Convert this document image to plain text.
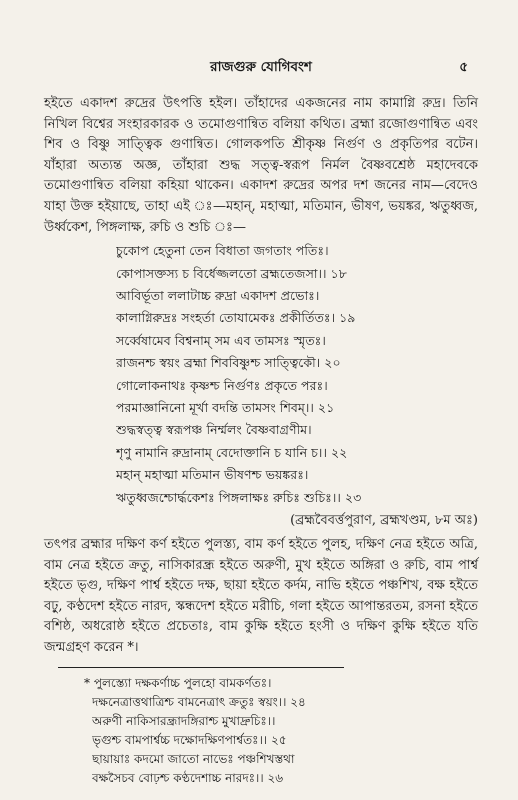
রাজগুরু যোগিবংশ	৫

হইতে একাদশ রুদ্রের উৎপত্তি হইল। তাঁহাদের একজনের নাম কামাগ্নি রুদ্র। তিনি নিখিল বিশ্বের সংহারকারক ও তমোগুণান্বিত বলিয়া কথিত। ব্রহ্মা রজোগুণান্বিত এবং শিব ও বিষ্ণু সাত্ত্বিক গুণান্বিত। গোলকপতি শ্রীকৃষ্ণ নির্গুণ ও প্রকৃতিপর বটেন। যাঁহারা অত্যন্ত অজ্ঞ, তাঁহারা শুদ্ধ সত্ত্ব-স্বরূপ নির্মল বৈষ্ণবশ্রেষ্ঠ মহাদেবকে তমোগুণান্বিত বলিয়া কহিয়া থাকেন। একাদশ রুদ্রের অপর দশ জনের নাম—বেদেও যাহা উক্ত হইয়াছে, তাহা এই ঃ—মহান্, মহাত্মা, মতিমান, ভীষণ, ভয়ঙ্কর, ঋতুধ্বজ, উর্ধ্বকেশ, পিঙ্গলাক্ষ, রুচি ও শুচি ঃ—

চুকোপ হেতুনা তেন বিধাতা জগতাং পতিঃ।
কোপাসক্তস্য চ বির্ধেজ্জলতো ব্রহ্মতেজসা।। ১৮
আবির্ভূতা ললাটাচ্চ রুদ্রা একাদশ প্রভোঃ।
কালাগ্নিরুদ্রঃ সংহর্তা তোযামেকঃ প্রকীর্তিতঃ। ১৯
সর্ব্বেষামেব বিশ্বনাম্ সম এব তামসঃ স্মৃতঃ।
রাজনশ্চ স্বয়ং ব্রহ্মা শিববিষ্ণুশ্চ সাত্ত্বিকৌ। ২০
গোলোকনাথঃ কৃষ্ণশ্চ নির্গুণঃ প্রকৃতে পরঃ।
পরমাজ্ঞানিনো মূর্খা বদন্তি তামসং শিবম্।। ২১
শুদ্ধস্বত্ত্ব স্বরূপঞ্চ নির্ম্মলং বৈষ্ণবাগ্রণীম।
শৃণু নামানি রুদ্রানাম্ বেদোক্তানি চ যানি চ।। ২২
মহান্ মহাত্মা মতিমান ভীষণশ্চ ভয়ঙ্করঃ।
ঋতুধ্বজশ্চোর্দ্ধকেশঃ পিঙ্গলাক্ষঃ রুচিঃ শুচিঃ।। ২৩
(ব্রহ্মবৈবর্ত্তপুরাণ, ব্রহ্মখণ্ডম, ৮ম অঃ)

তৎপর ব্রহ্মার দক্ষিণ কর্ণ হইতে পুলস্ত্য, বাম কর্ণ হইতে পুলহ, দক্ষিণ নেত্র হইতে অত্রি, বাম নেত্র হইতে ক্রতু, নাসিকারন্ধ্র হইতে অরুণী, মুখ হইতে অঙ্গিরা ও রুচি, বাম পার্শ্ব হইতে ভৃগু, দক্ষিণ পার্শ্ব হইতে দক্ষ, ছায়া হইতে কর্দম, নাভি হইতে পঞ্চশিখ, বক্ষ হইতে বঢ়ু, কণ্ঠদেশ হইতে নারদ, স্কন্ধদেশ হইতে মরীচি, গলা হইতে আপান্তরতম, রসনা হইতে বশিষ্ঠ, অধরোষ্ঠ হইতে প্রচেতাঃ, বাম কুক্ষি হইতে হংসী ও দক্ষিণ কুক্ষি হইতে যতি জন্মগ্রহণ করেন *।

* পুলস্ত্যো দক্ষকর্ণাচ্চ পুলহো বামকর্ণতঃ।
দক্ষনেত্রাত্তথাত্রিশ্চ বামনেত্রাৎ ক্রতুঃ স্বয়ং।। ২৪
অরুণী নাকিসারন্ধ্রাদঙ্গিরাশ্চ মুখাদ্রুচিঃ।।
ভৃগুশ্চ বামপার্শ্বচ্চ দক্ষোদক্ষিণপার্শ্বতঃ।। ২৫
ছায়ায়াঃ কদমো জাতো নাভেঃ পঞ্চশিখস্তথা
বক্ষসৈচব বোঢ়শ্চ কণ্ঠদেশাচ্চ নারদঃ।। ২৬
